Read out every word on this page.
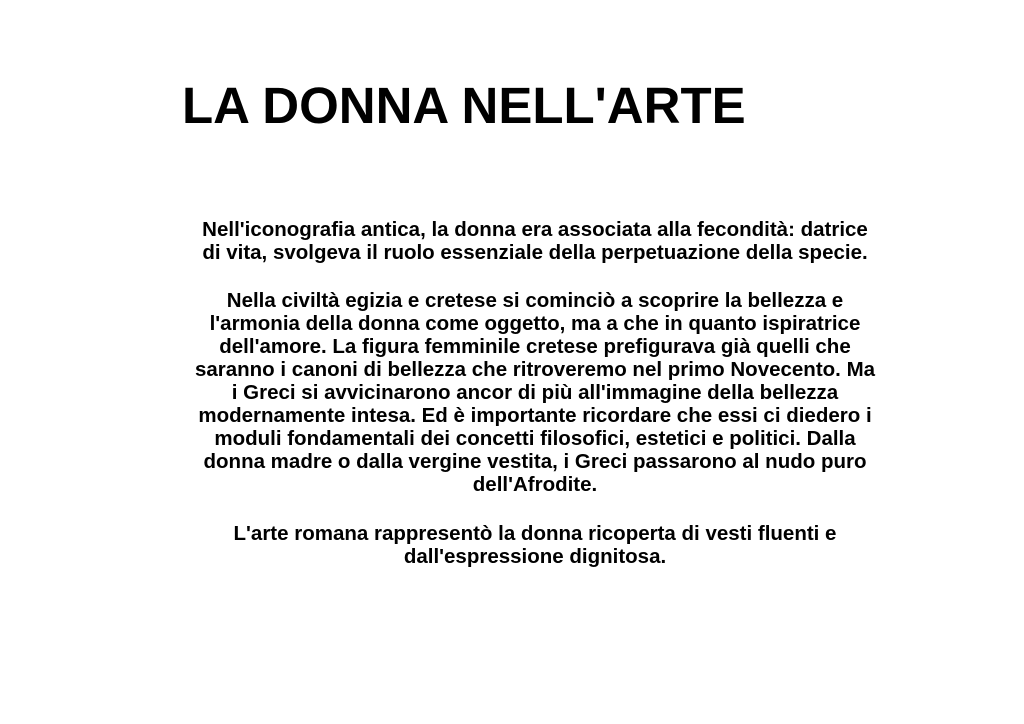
LA DONNA NELL'ARTE
Nell'iconografia antica, la donna era associata alla fecondità: datrice
di vita, svolgeva il ruolo essenziale della perpetuazione della specie.
Nella civiltà egizia e cretese si cominciò a scoprire la bellezza e
l'armonia della donna come oggetto, ma a che in quanto ispiratrice
dell'amore. La figura femminile cretese prefigurava già quelli che
saranno i canoni di bellezza che ritroveremo nel primo Novecento. Ma
i Greci si avvicinarono ancor di più all'immagine della bellezza
modernamente intesa. Ed è importante ricordare che essi ci diedero i
moduli fondamentali dei concetti filosofici, estetici e politici. Dalla
donna madre o dalla vergine vestita, i Greci passarono al nudo puro
dell'Afrodite.
L'arte romana rappresentò la donna ricoperta di vesti fluenti e
dall'espressione dignitosa.
